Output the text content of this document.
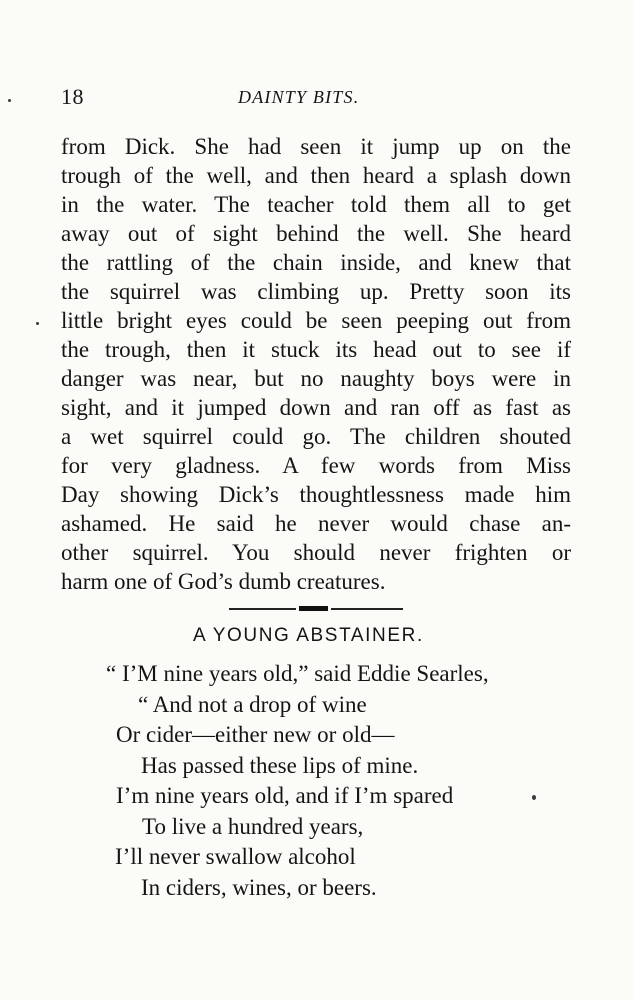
18	DAINTY BITS.
from Dick. She had seen it jump up on the
trough of the well, and then heard a splash down
in the water. The teacher told them all to get
away out of sight behind the well. She heard
the rattling of the chain inside, and knew that
the squirrel was climbing up. Pretty soon its
little bright eyes could be seen peeping out from
the trough, then it stuck its head out to see if
danger was near, but no naughty boys were in
sight, and it jumped down and ran off as fast as
a wet squirrel could go. The children shouted
for very gladness. A few words from Miss
Day showing Dick’s thoughtlessness made him
ashamed. He said he never would chase an-
other squirrel. You should never frighten or
harm one of God’s dumb creatures.
A YOUNG ABSTAINER.
“ I’M nine years old,” said Eddie Searles,
“ And not a drop of wine
Or cider—either new or old—
Has passed these lips of mine.
I’m nine years old, and if I’m spared
To live a hundred years,
I’ll never swallow alcohol
In ciders, wines, or beers.
